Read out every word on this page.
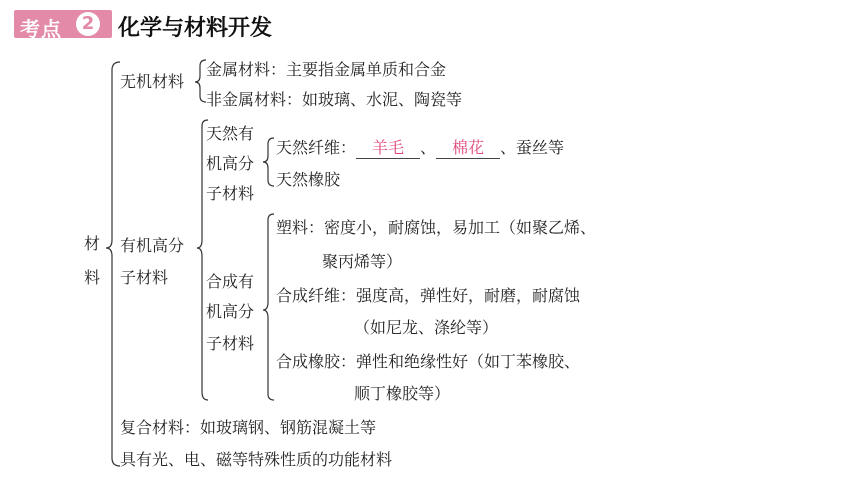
考点	2 化学与材料开发
材
料
无机材料
金属材料：主要指金属单质和合金
非金属材料：如玻璃、水泥、陶瓷等
有机高分
子材料
天然有
机高分
子材料
天然纤维： 羊毛 、 棉花 、蚕丝等
天然橡胶
合成有
机高分
子材料
塑料：密度小，耐腐蚀，易加工（如聚乙烯、
聚丙烯等）
合成纤维：强度高，弹性好，耐磨，耐腐蚀
（如尼龙、涤纶等）
合成橡胶：弹性和绝缘性好（如丁苯橡胶、
顺丁橡胶等）
复合材料：如玻璃钢、钢筋混凝土等
具有光、电、磁等特殊性质的功能材料
